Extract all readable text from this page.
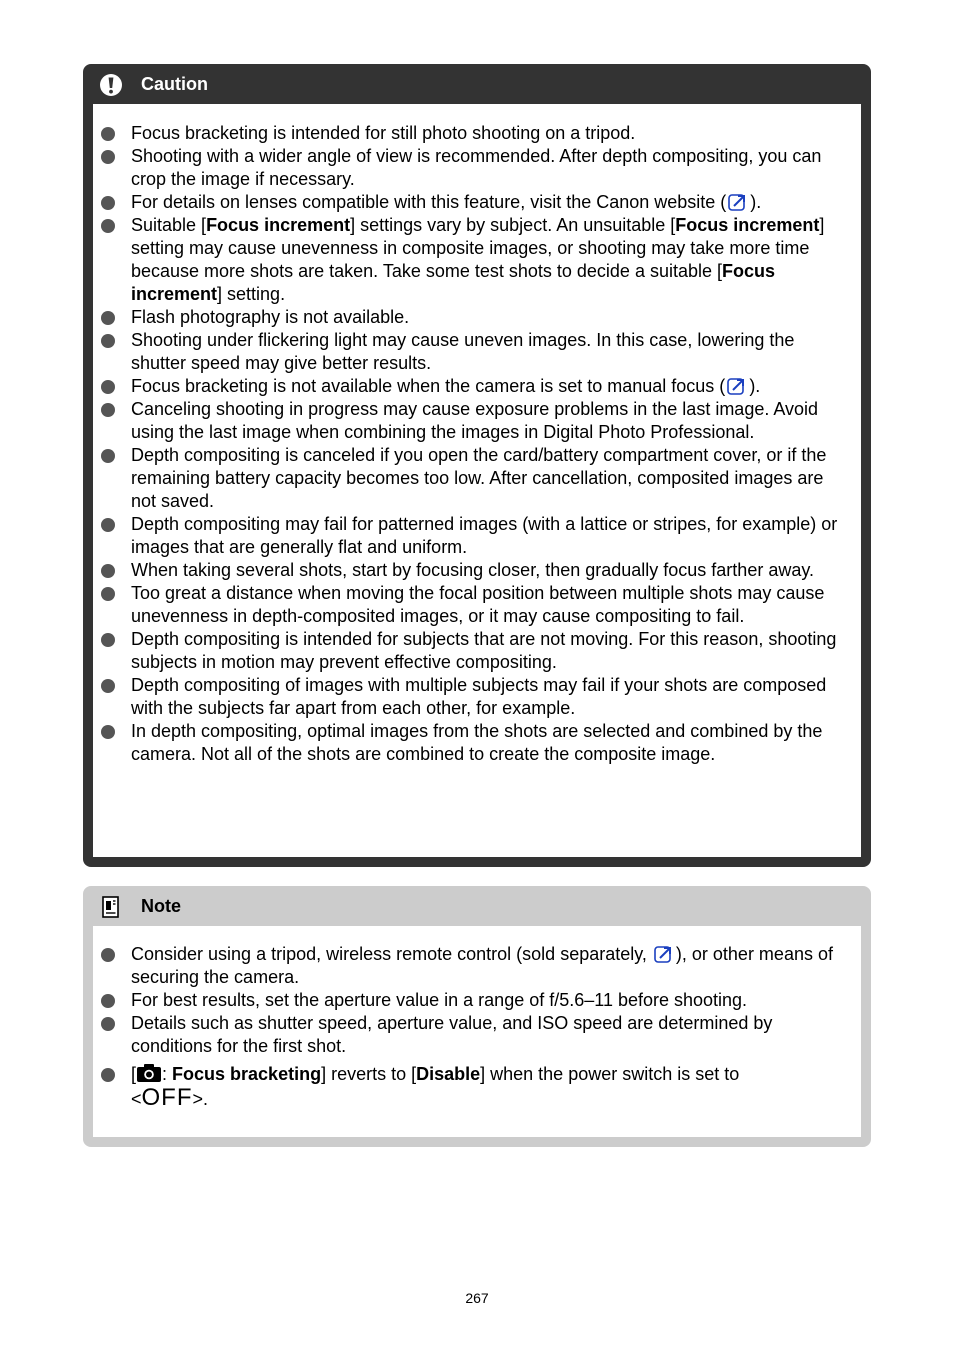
Caution
Focus bracketing is intended for still photo shooting on a tripod.
Shooting with a wider angle of view is recommended. After depth compositing, you can crop the image if necessary.
For details on lenses compatible with this feature, visit the Canon website ( ).
Suitable [Focus increment] settings vary by subject. An unsuitable [Focus increment] setting may cause unevenness in composite images, or shooting may take more time because more shots are taken. Take some test shots to decide a suitable [Focus increment] setting.
Flash photography is not available.
Shooting under flickering light may cause uneven images. In this case, lowering the shutter speed may give better results.
Focus bracketing is not available when the camera is set to manual focus ( ).
Canceling shooting in progress may cause exposure problems in the last image. Avoid using the last image when combining the images in Digital Photo Professional.
Depth compositing is canceled if you open the card/battery compartment cover, or if the remaining battery capacity becomes too low. After cancellation, composited images are not saved.
Depth compositing may fail for patterned images (with a lattice or stripes, for example) or images that are generally flat and uniform.
When taking several shots, start by focusing closer, then gradually focus farther away.
Too great a distance when moving the focal position between multiple shots may cause unevenness in depth-composited images, or it may cause compositing to fail.
Depth compositing is intended for subjects that are not moving. For this reason, shooting subjects in motion may prevent effective compositing.
Depth compositing of images with multiple subjects may fail if your shots are composed with the subjects far apart from each other, for example.
In depth compositing, optimal images from the shots are selected and combined by the camera. Not all of the shots are combined to create the composite image.
Note
Consider using a tripod, wireless remote control (sold separately, ), or other means of securing the camera.
For best results, set the aperture value in a range of f/5.6–11 before shooting.
Details such as shutter speed, aperture value, and ISO speed are determined by conditions for the first shot.
[ : Focus bracketing] reverts to [Disable] when the power switch is set to
<OFF>.
267
